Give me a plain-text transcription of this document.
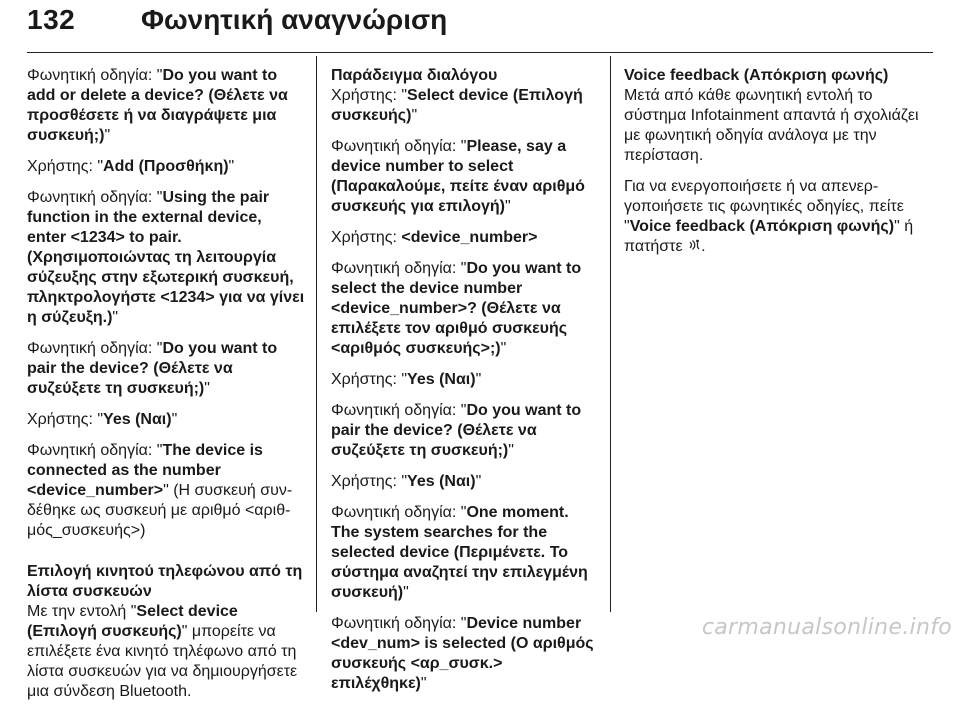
132 Φωνητική αναγνώριση

Φωνητική οδηγία: "Do you want to add or delete a device? (Θέλετε να προσθέσετε ή να διαγράψετε μια συσκευή;)"

Χρήστης: "Add (Προσθήκη)"

Φωνητική οδηγία: "Using the pair function in the external device, enter <1234> to pair. (Χρησιμοποιώντας τη λειτουργία σύζευξης στην εξωτερική συσκευή, πληκτρολογήστε <1234> για να γίνει η σύζευξη.)"

Φωνητική οδηγία: "Do you want to pair the device? (Θέλετε να συζεύξετε τη συσκευή;)"

Χρήστης: "Yes (Ναι)"

Φωνητική οδηγία: "The device is connected as the number <device_number>" (Η συσκευή συνδέθηκε ως συσκευή με αριθμό <αριθμός_συσκευής>)

Επιλογή κινητού τηλεφώνου από τη λίστα συσκευών

Με την εντολή "Select device (Επιλογή συσκευής)" μπορείτε να επιλέξετε ένα κινητό τηλέφωνο από τη λίστα συσκευών για να δημιουργήσετε μια σύνδεση Bluetooth.

Παράδειγμα διαλόγου

Χρήστης: "Select device (Επιλογή συσκευής)"

Φωνητική οδηγία: "Please, say a device number to select (Παρακαλούμε, πείτε έναν αριθμό συσκευής για επιλογή)"

Χρήστης: <device_number>

Φωνητική οδηγία: "Do you want to select the device number <device_number>? (Θέλετε να επιλέξετε τον αριθμό συσκευής <αριθμός συσκευής>;)"

Χρήστης: "Yes (Ναι)"

Φωνητική οδηγία: "Do you want to pair the device? (Θέλετε να συζεύξετε τη συσκευή;)"

Χρήστης: "Yes (Ναι)"

Φωνητική οδηγία: "One moment. The system searches for the selected device (Περιμένετε. Το σύστημα αναζητεί την επιλεγμένη συσκευή)"

Φωνητική οδηγία: "Device number <dev_num> is selected (Ο αριθμός συσκευής <αρ_συσκ.> επιλέχθηκε)"

Voice feedback (Απόκριση φωνής)

Μετά από κάθε φωνητική εντολή το σύστημα Infotainment απαντά ή σχολιάζει με φωνητική οδηγία ανάλογα με την περίσταση.

Για να ενεργοποιήσετε ή να απενεργοποιήσετε τις φωνητικές οδηγίες, πείτε "Voice feedback (Απόκριση φωνής)" ή πατήστε .

carmanualsonline.info
